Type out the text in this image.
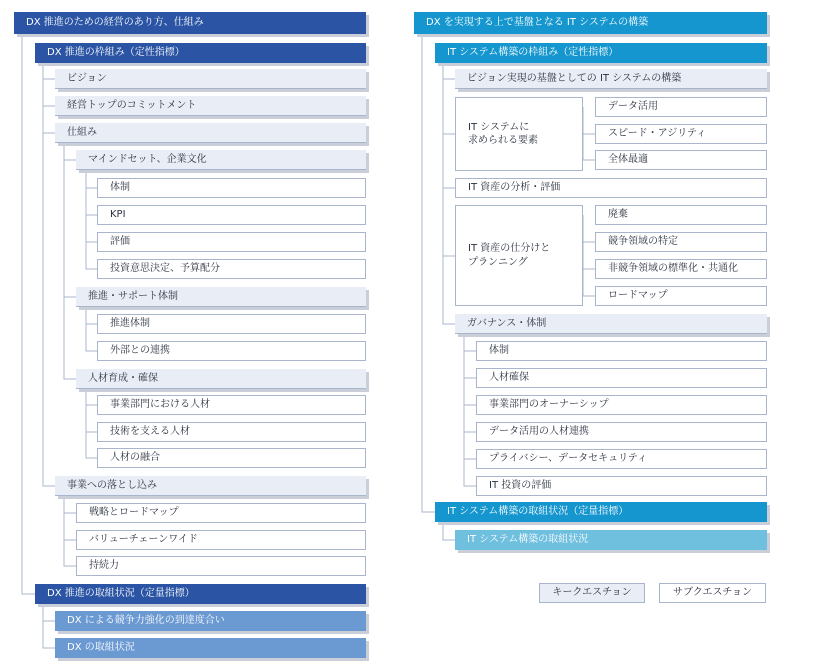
DX 推進のための経営のあり方、仕組み
DX 推進の枠組み（定性指標）
ビジョン
経営トップのコミットメント
仕組み
マインドセット、企業文化
体制
KPI
評価
投資意思決定、予算配分
推進・サポート体制
推進体制
外部との連携
人材育成・確保
事業部門における人材
技術を支える人材
人材の融合
事業への落とし込み
戦略とロードマップ
バリューチェーンワイド
持続力
DX 推進の取組状況（定量指標）
DX による競争力強化の到達度合い
DX の取組状況
DX を実現する上で基盤となる IT システムの構築
IT システム構築の枠組み（定性指標）
ビジョン実現の基盤としての IT システムの構築
IT システムに
求められる要素
データ活用
スピード・アジリティ
全体最適
IT 資産の分析・評価
IT 資産の仕分けと
プランニング
廃棄
競争領域の特定
非競争領域の標準化・共通化
ロードマップ
ガバナンス・体制
体制
人材確保
事業部門のオーナーシップ
データ活用の人材連携
プライバシー、データセキュリティ
IT 投資の評価
IT システム構築の取組状況（定量指標）
IT システム構築の取組状況
キークエスチョン	サブクエスチョン
